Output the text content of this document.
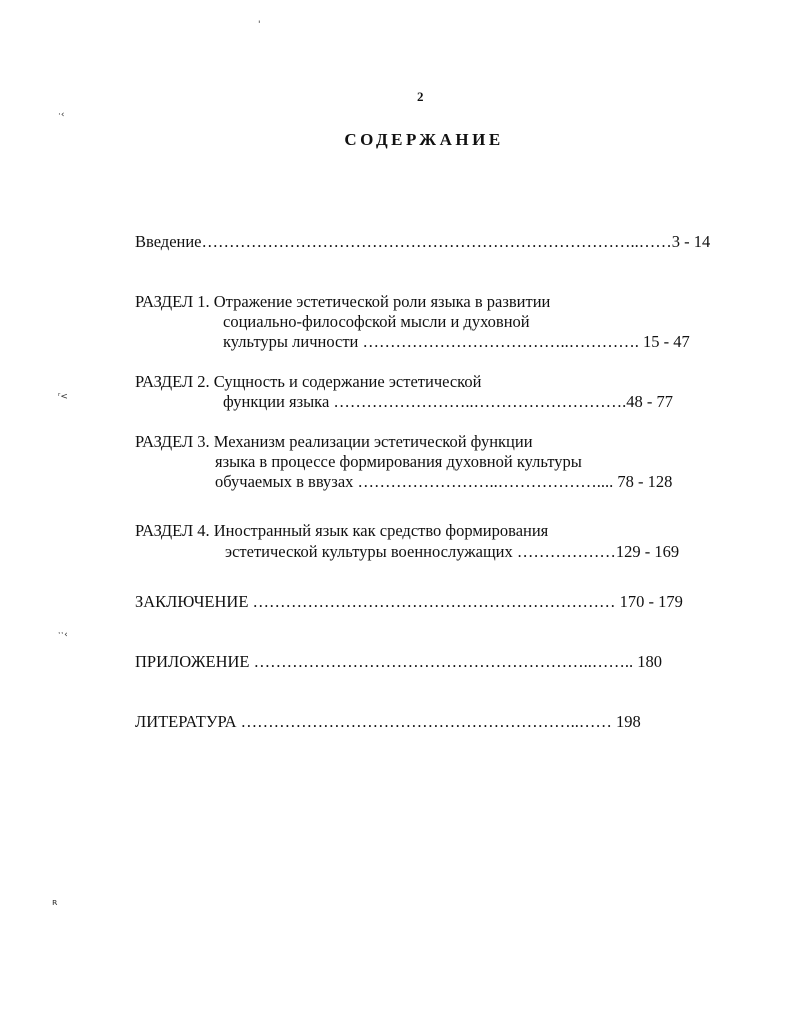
2
СОДЕРЖАНИЕ
Введение……………………………………………………………………..……3 - 14
РАЗДЕЛ 1. Отражение эстетической роли языка в развитии
социально-философской мысли и духовной
культуры личности ………………………………..…………. 15 - 47
РАЗДЕЛ 2. Сущность и содержание эстетической
функции языка ……………………..……………………….48 - 77
РАЗДЕЛ 3. Механизм реализации эстетической функции
языка в процессе формирования духовной культуры
обучаемых в ввузах ……………………..……………….... 78 - 128
РАЗДЕЛ 4. Иностранный язык как средство формирования
эстетической культуры военнослужащих ………………129 - 169
ЗАКЛЮЧЕНИЕ ………………………………………………………… 170 - 179
ПРИЛОЖЕНИЕ ……………………………………………………..…….. 180
ЛИТЕРАТУРА ……………………………………………………..…… 198
'
·‹
ʳ<
ˑˑ‹
ʀ
